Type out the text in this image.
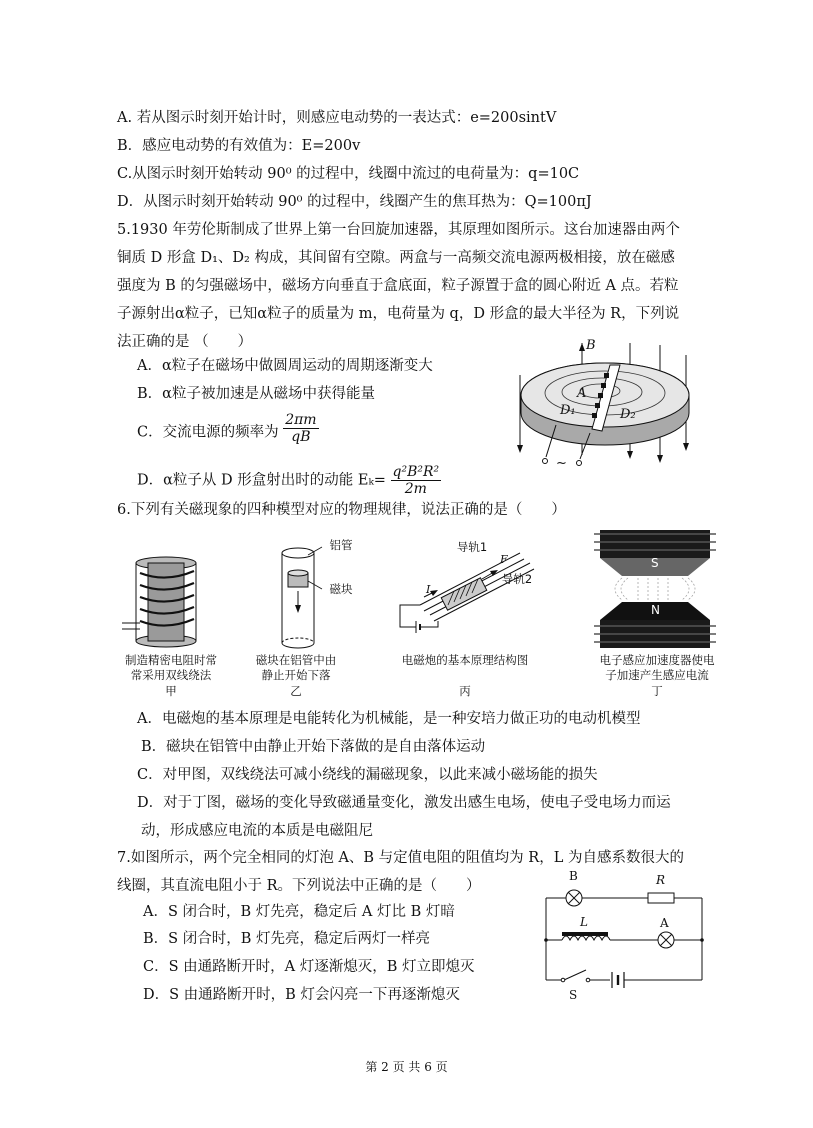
A. 若从图示时刻开始计时，则感应电动势的一表达式：e=200sintV
B．感应电动势的有效值为：E=200v
C.从图示时刻开始转动 90⁰ 的过程中，线圈中流过的电荷量为：q=10C
D．从图示时刻开始转动 90⁰ 的过程中，线圈产生的焦耳热为：Q=100πJ
5.1930 年劳伦斯制成了世界上第一台回旋加速器，其原理如图所示。这台加速器由两个
铜质 D 形盒 D₁、D₂ 构成，其间留有空隙。两盒与一高频交流电源两极相接，放在磁感
强度为 B 的匀强磁场中，磁场方向垂直于盒底面，粒子源置于盒的圆心附近 A 点。若粒
子源射出α粒子，已知α粒子的质量为 m，电荷量为 q，D 形盒的最大半径为 R，下列说
法正确的是 （　　）
A．α粒子在磁场中做圆周运动的周期逐渐变大
B．α粒子被加速是从磁场中获得能量
C．交流电源的频率为 $\frac{2\pi m}{qB}$
D．α粒子从 D 形盒射出时的动能 $E_k= \frac{\text{q²B²R²}}{2m}$
B
A
D₁	D₂
~
6.下列有关磁现象的四种模型对应的物理规律，说法正确的是（　　）
制造精密电阻时常
常采用双线绕法
甲
铝管
磁块
磁块在铝管中由
静止开始下落
乙
导轨1
导轨2
F
I
电磁炮的基本原理结构图
丙
S
N
电子感应加速度器使电
子加速产生感应电流
丁
A．电磁炮的基本原理是电能转化为机械能，是一种安培力做正功的电动机模型
B．磁块在铝管中由静止开始下落做的是自由落体运动
C．对甲图，双线绕法可减小绕线的漏磁现象，以此来减小磁场能的损失
D．对于丁图，磁场的变化导致磁通量变化，激发出感生电场，使电子受电场力而运
动，形成感应电流的本质是电磁阻尼
7.如图所示，两个完全相同的灯泡 A、B 与定值电阻的阻值均为 R，L 为自感系数很大的
线圈，其直流电阻小于 R。下列说法中正确的是（　　）
A．S 闭合时，B 灯先亮，稳定后 A 灯比 B 灯暗
B．S 闭合时，B 灯先亮，稳定后两灯一样亮
C．S 由通路断开时，A 灯逐渐熄灭，B 灯立即熄灭
D．S 由通路断开时，B 灯会闪亮一下再逐渐熄灭
B	R
L	A
S
第 2 页 共 6 页
